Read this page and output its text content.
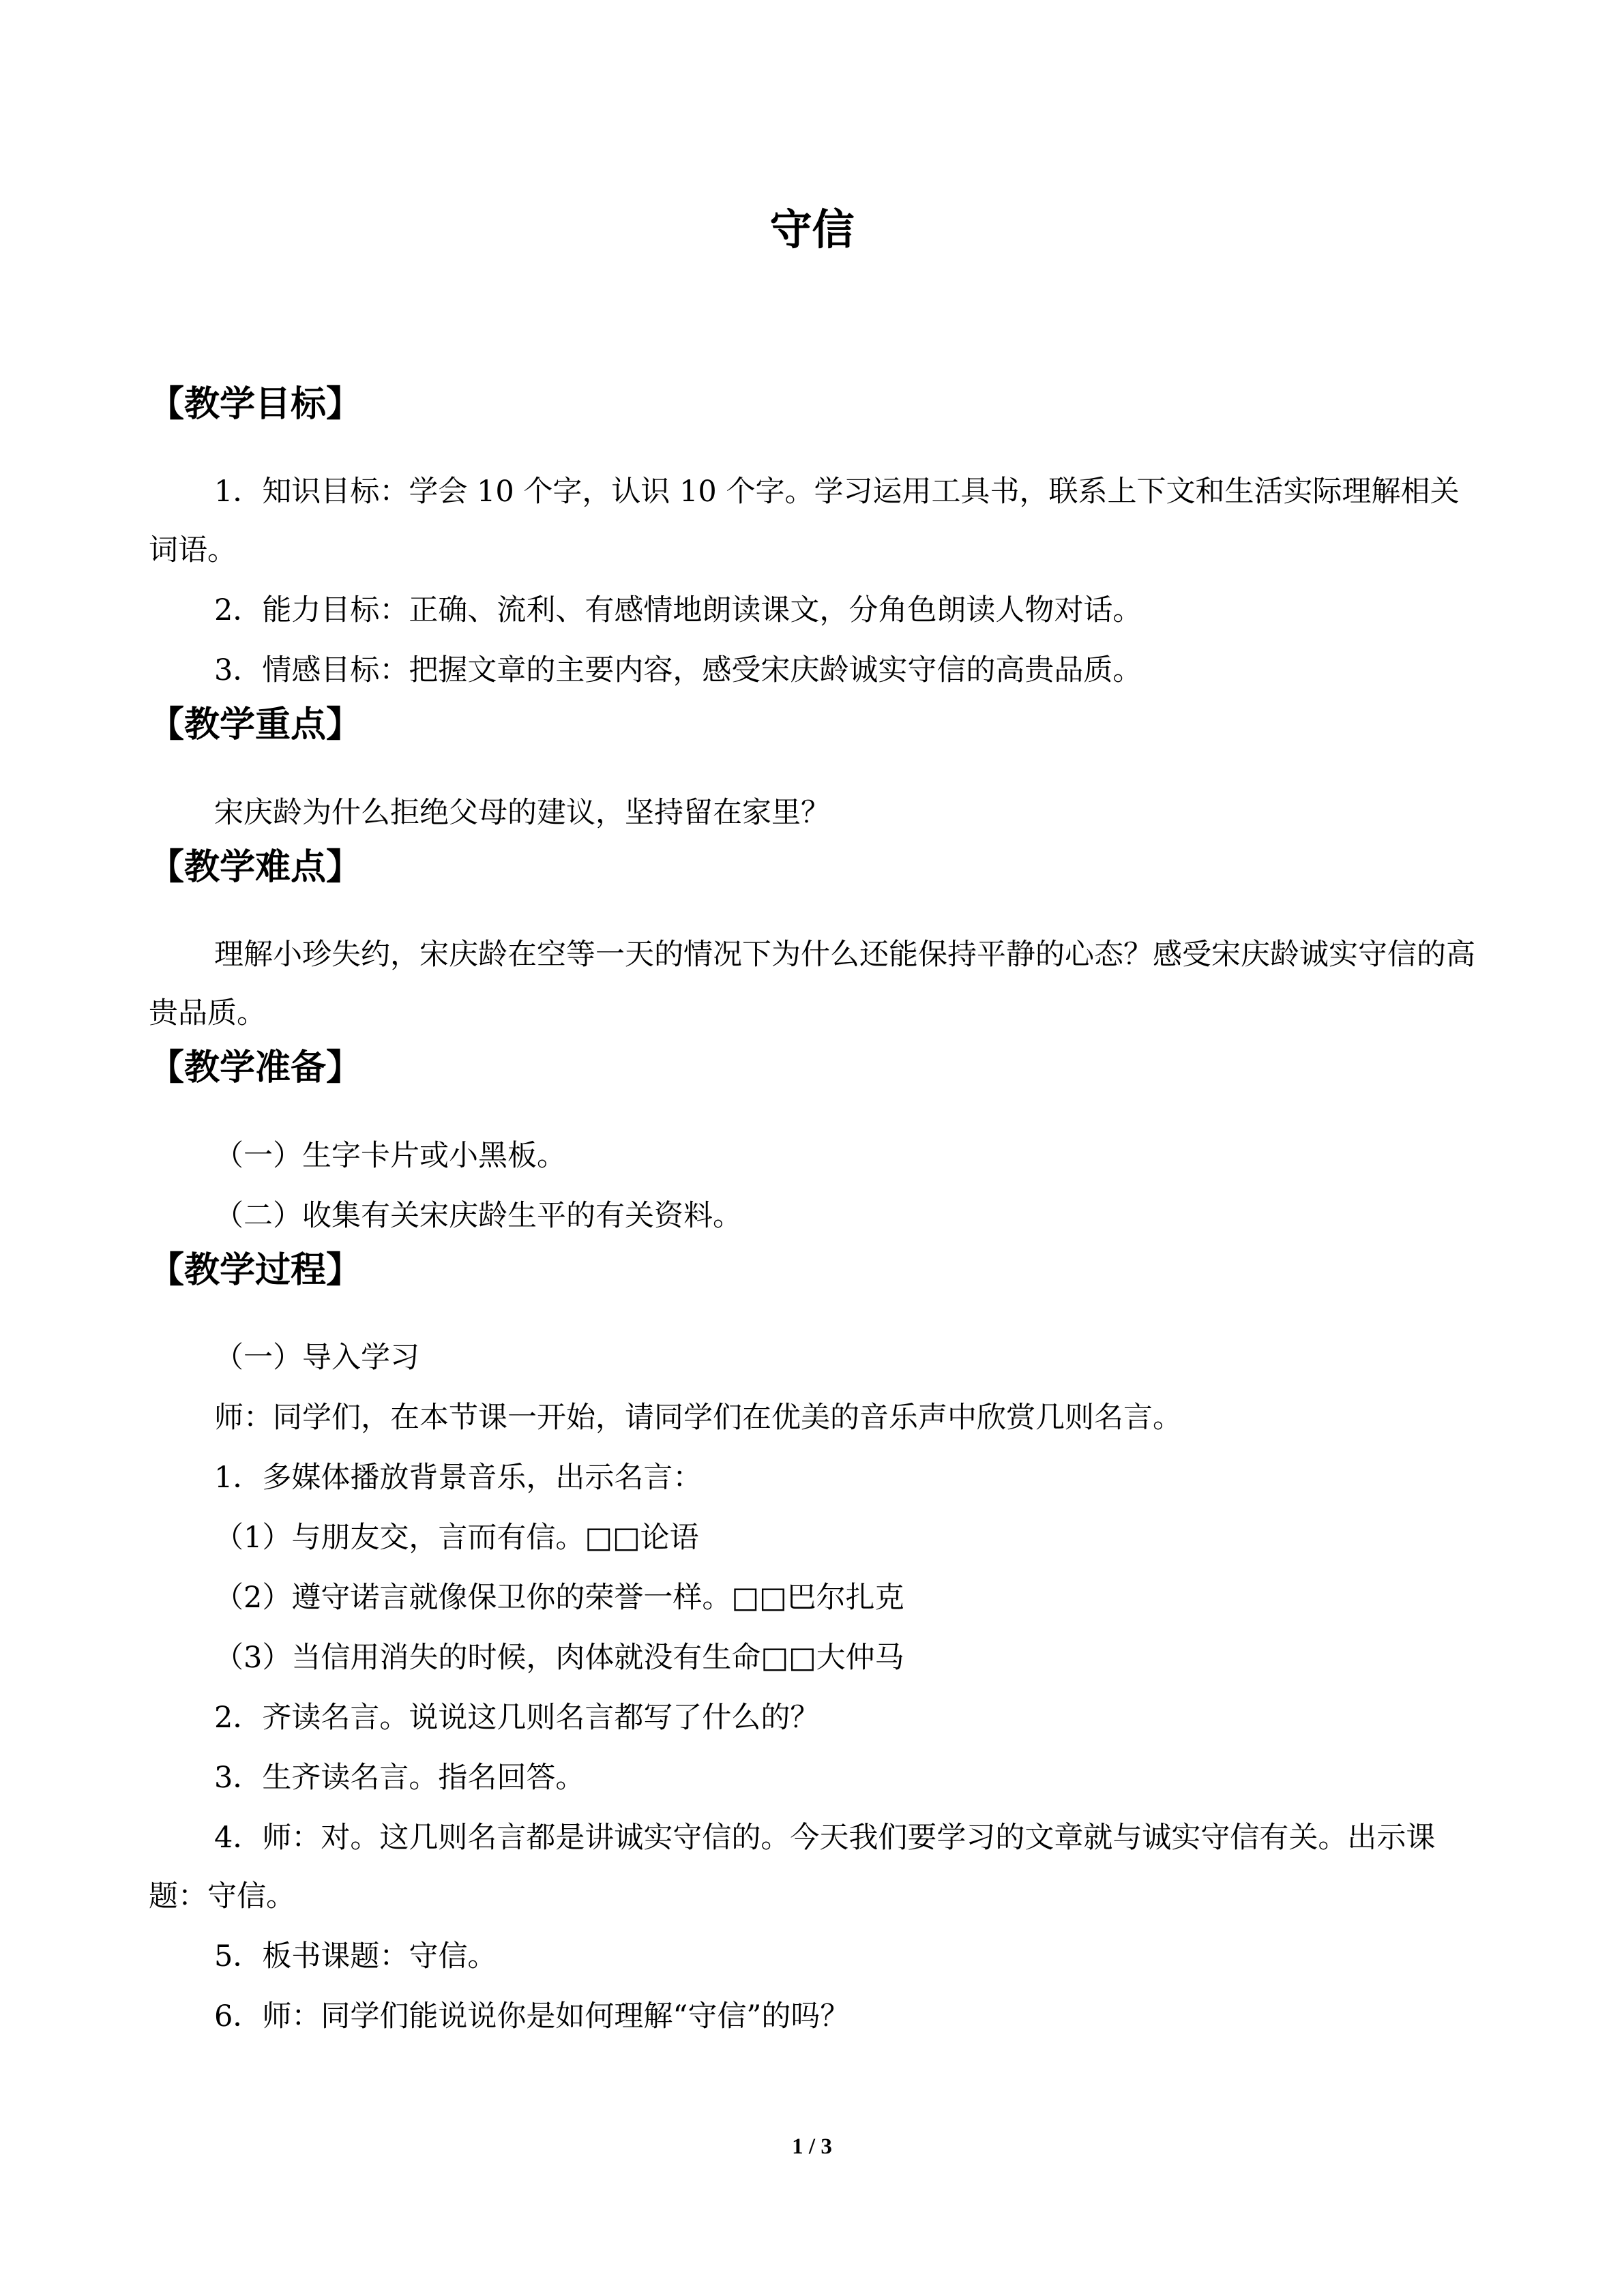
守信
【教学目标】

1．知识目标：学会 10 个字，认识 10 个字。学习运用工具书，联系上下文和生活实际理解相关词语。

2．能力目标：正确、流利、有感情地朗读课文，分角色朗读人物对话。

3．情感目标：把握文章的主要内容，感受宋庆龄诚实守信的高贵品质。

【教学重点】

宋庆龄为什么拒绝父母的建议，坚持留在家里？

【教学难点】

理解小珍失约，宋庆龄在空等一天的情况下为什么还能保持平静的心态？感受宋庆龄诚实守信的高贵品质。

【教学准备】

（一）生字卡片或小黑板。

（二）收集有关宋庆龄生平的有关资料。

【教学过程】

（一）导入学习

师：同学们，在本节课一开始，请同学们在优美的音乐声中欣赏几则名言。

1．多媒体播放背景音乐，出示名言：

（1）与朋友交，言而有信。□□论语

（2）遵守诺言就像保卫你的荣誉一样。□□巴尔扎克

（3）当信用消失的时候，肉体就没有生命□□大仲马

2．齐读名言。说说这几则名言都写了什么的？

3．生齐读名言。指名回答。

4．师：对。这几则名言都是讲诚实守信的。今天我们要学习的文章就与诚实守信有关。出示课题：守信。

5．板书课题：守信。

6．师：同学们能说说你是如何理解“守信”的吗？

1 / 3
